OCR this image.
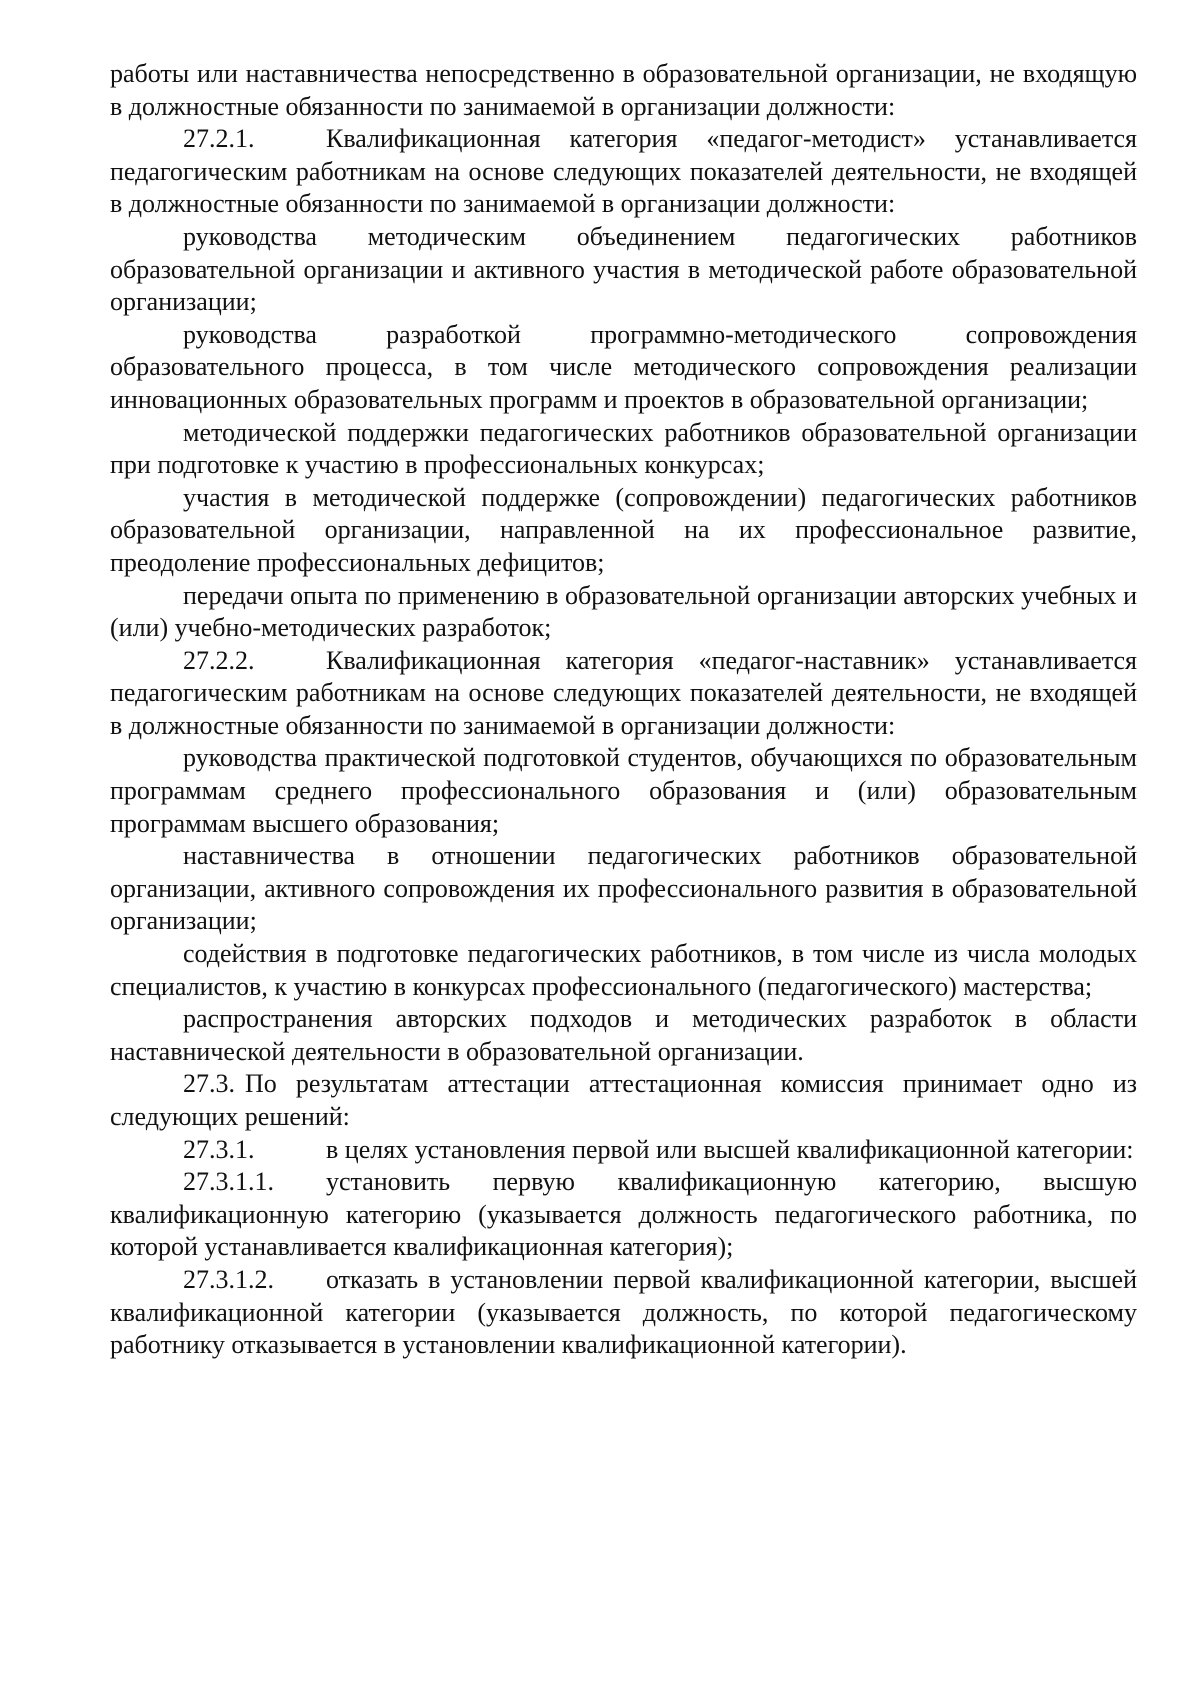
работы или наставничества непосредственно в образовательной организации, не входящую в должностные обязанности по занимаемой в организации должности:

27.2.1.	Квалификационная категория «педагог-методист» устанавливается педагогическим работникам на основе следующих показателей деятельности, не входящей в должностные обязанности по занимаемой в организации должности:

руководства методическим объединением педагогических работников образовательной организации и активного участия в методической работе образовательной организации;

руководства разработкой программно-методического сопровождения образовательного процесса, в том числе методического сопровождения реализации инновационных образовательных программ и проектов в образовательной организации;

методической поддержки педагогических работников образовательной организации при подготовке к участию в профессиональных конкурсах;

участия в методической поддержке (сопровождении) педагогических работников образовательной организации, направленной на их профессиональное развитие, преодоление профессиональных дефицитов;

передачи опыта по применению в образовательной организации авторских учебных и (или) учебно-методических разработок;

27.2.2.	Квалификационная категория «педагог-наставник» устанавливается педагогическим работникам на основе следующих показателей деятельности, не входящей в должностные обязанности по занимаемой в организации должности:

руководства практической подготовкой студентов, обучающихся по образовательным программам среднего профессионального образования и (или) образовательным программам высшего образования;

наставничества в отношении педагогических работников образовательной организации, активного сопровождения их профессионального развития в образовательной организации;

содействия в подготовке педагогических работников, в том числе из числа молодых специалистов, к участию в конкурсах профессионального (педагогического) мастерства;

распространения авторских подходов и методических разработок в области наставнической деятельности в образовательной организации.

27.3. По результатам аттестации аттестационная комиссия принимает одно из следующих решений:

27.3.1.	в целях установления первой или высшей квалификационной категории:

27.3.1.1. установить первую квалификационную категорию, высшую квалификационную категорию (указывается должность педагогического работника, по которой устанавливается квалификационная категория);

27.3.1.2. отказать в установлении первой квалификационной категории, высшей квалификационной категории (указывается должность, по которой педагогическому работнику отказывается в установлении квалификационной категории).
